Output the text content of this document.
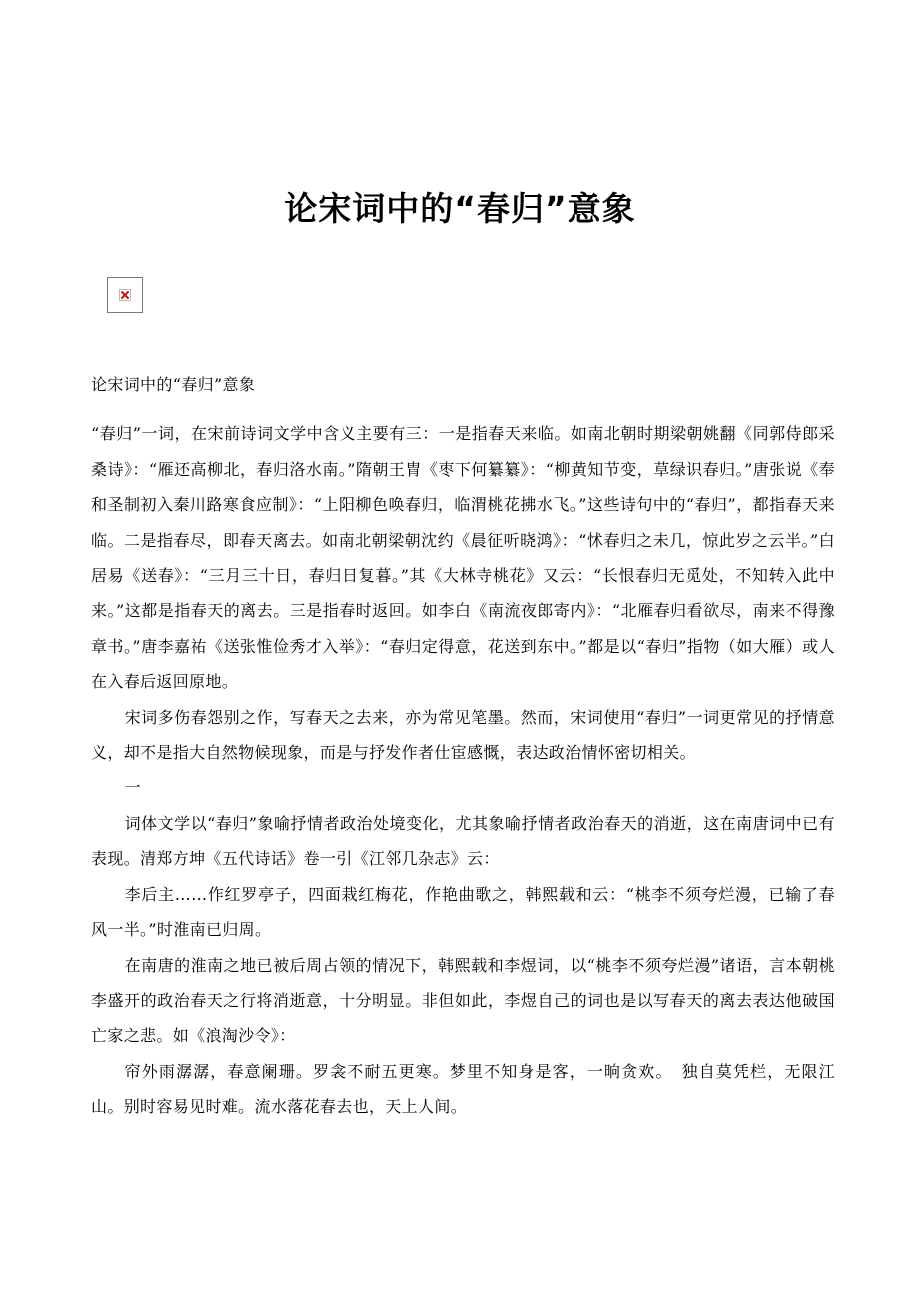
论宋词中的“春归”意象

论宋词中的“春归”意象

“春归”一词，在宋前诗词文学中含义主要有三：一是指春天来临。如南北朝时期梁朝姚翻《同郭侍郎采桑诗》：“雁还高柳北，春归洛水南。”隋朝王胄《枣下何纂纂》：“柳黄知节变，草绿识春归。”唐张说《奉和圣制初入秦川路寒食应制》：“上阳柳色唤春归，临渭桃花拂水飞。”这些诗句中的“春归”，都指春天来临。二是指春尽，即春天离去。如南北朝梁朝沈约《晨征听晓鸿》：“怵春归之未几，惊此岁之云半。”白居易《送春》：“三月三十日，春归日复暮。”其《大林寺桃花》又云：“长恨春归无觅处，不知转入此中来。”这都是指春天的离去。三是指春时返回。如李白《南流夜郎寄内》：“北雁春归看欲尽，南来不得豫章书。”唐李嘉祐《送张惟俭秀才入举》：“春归定得意，花送到东中。”都是以“春归”指物（如大雁）或人在入春后返回原地。

宋词多伤春怨别之作，写春天之去来，亦为常见笔墨。然而，宋词使用“春归”一词更常见的抒情意义，却不是指大自然物候现象，而是与抒发作者仕宦感慨，表达政治情怀密切相关。

一

词体文学以“春归”象喻抒情者政治处境变化，尤其象喻抒情者政治春天的消逝，这在南唐词中已有表现。清郑方坤《五代诗话》卷一引《江邻几杂志》云：

李后主……作红罗亭子，四面栽红梅花，作艳曲歌之，韩熙载和云：“桃李不须夸烂漫，已输了春风一半。”时淮南已归周。

在南唐的淮南之地已被后周占领的情况下，韩熙载和李煜词，以“桃李不须夸烂漫”诸语，言本朝桃李盛开的政治春天之行将消逝意，十分明显。非但如此，李煜自己的词也是以写春天的离去表达他破国亡家之悲。如《浪淘沙令》：

帘外雨潺潺，春意阑珊。罗衾不耐五更寒。梦里不知身是客，一晌贪欢。　独自莫凭栏，无限江山。别时容易见时难。流水落花春去也，天上人间。
